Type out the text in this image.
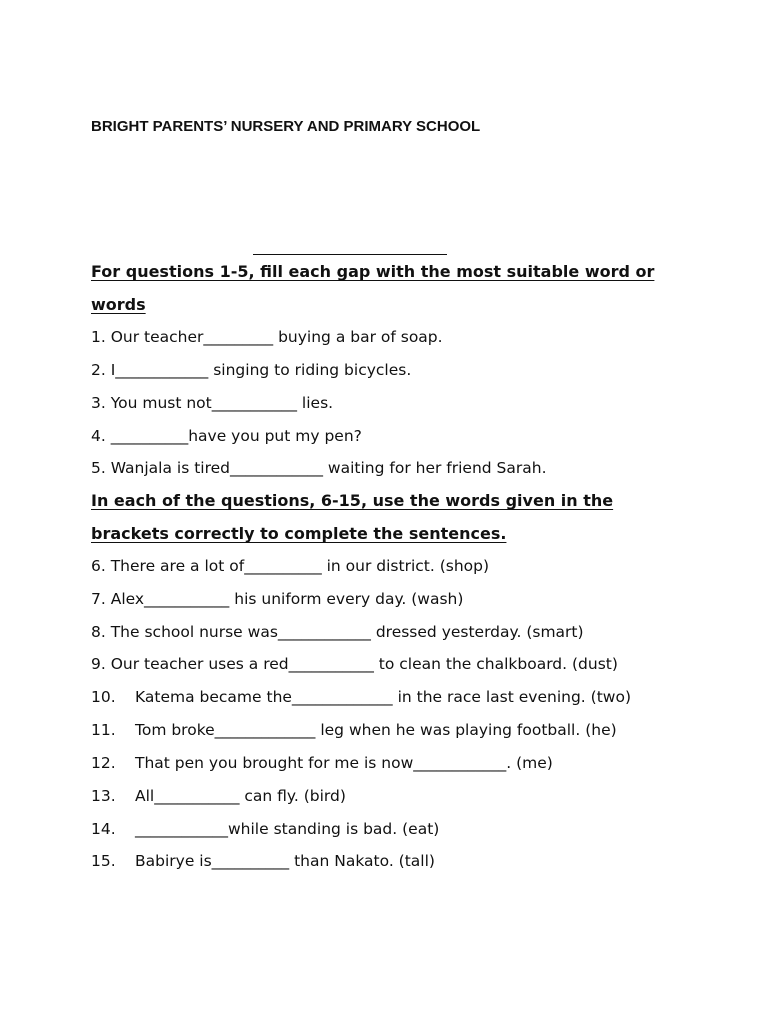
BRIGHT PARENTS’ NURSERY AND PRIMARY SCHOOL
For questions 1-5, fill each gap with the most suitable word or
words
1. Our teacher_________ buying a bar of soap.
2. I____________ singing to riding bicycles.
3. You must not___________ lies.
4. __________have you put my pen?
5. Wanjala is tired____________ waiting for her friend Sarah.
In each of the questions, 6-15, use the words given in the
brackets correctly to complete the sentences.
6. There are a lot of__________ in our district. (shop)
7. Alex___________ his uniform every day. (wash)
8. The school nurse was____________ dressed yesterday. (smart)
9. Our teacher uses a red___________ to clean the chalkboard. (dust)
10. Katema became the_____________ in the race last evening. (two)
11. Tom broke_____________ leg when he was playing football. (he)
12. That pen you brought for me is now____________. (me)
13. All___________ can fly. (bird)
14. ____________while standing is bad. (eat)
15. Babirye is__________ than Nakato. (tall)
